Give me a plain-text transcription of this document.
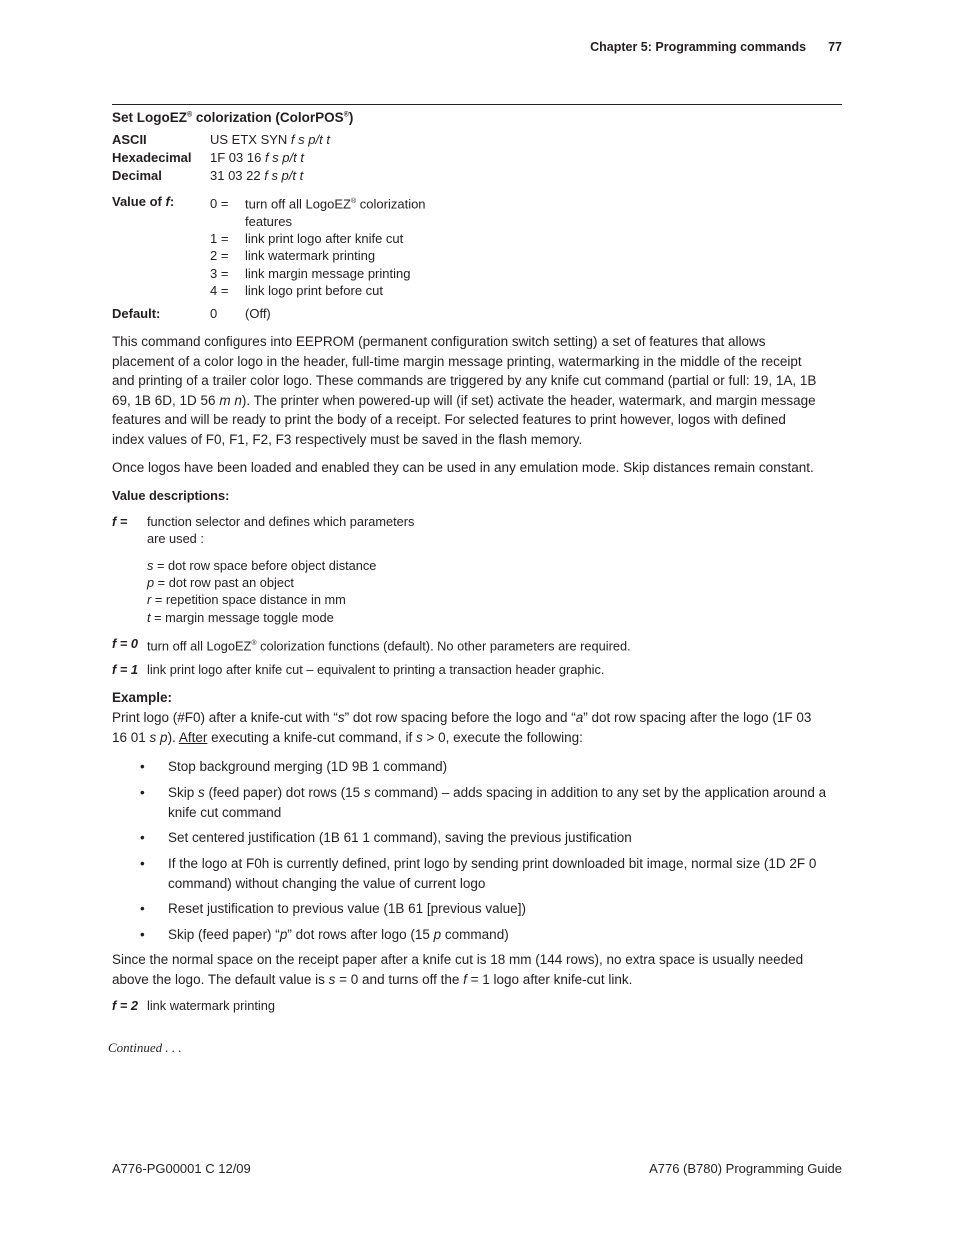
Chapter 5: Programming commands 77
Set LogoEZ® colorization (ColorPOS®)
ASCII	US ETX SYN f s p/t t
Hexadecimal 1F 03 16 f s p/t t
Decimal	31 03 22 f s p/t t
Value of f:	0 = turn off all LogoEZ® colorization
features
1 = link print logo after knife cut
2 = link watermark printing
3 = link margin message printing
4 = link logo print before cut
Default:	0 (Off)
This command configures into EEPROM (permanent configuration switch setting) a set of features that allows
placement of a color logo in the header, full-time margin message printing, watermarking in the middle of the receipt
and printing of a trailer color logo. These commands are triggered by any knife cut command (partial or full: 19, 1A, 1B
69, 1B 6D, 1D 56 m n). The printer when powered-up will (if set) activate the header, watermark, and margin message
features and will be ready to print the body of a receipt. For selected features to print however, logos with defined
index values of F0, F1, F2, F3 respectively must be saved in the flash memory.
Once logos have been loaded and enabled they can be used in any emulation mode. Skip distances remain constant.
Value descriptions:
f = function selector and defines which parameters
are used :
s = dot row space before object distance
p = dot row past an object
r = repetition space distance in mm
t = margin message toggle mode
f = 0 turn off all LogoEZ® colorization functions (default). No other parameters are required.
f = 1 link print logo after knife cut – equivalent to printing a transaction header graphic.
Example:
Print logo (#F0) after a knife-cut with “s” dot row spacing before the logo and “a” dot row spacing after the logo (1F 03
16 01 s p). After executing a knife-cut command, if s > 0, execute the following:
• Stop background merging (1D 9B 1 command)
• Skip s (feed paper) dot rows (15 s command) – adds spacing in addition to any set by the application around a
knife cut command
• Set centered justification (1B 61 1 command), saving the previous justification
• If the logo at F0h is currently defined, print logo by sending print downloaded bit image, normal size (1D 2F 0
command) without changing the value of current logo
• Reset justification to previous value (1B 61 [previous value])
• Skip (feed paper) “p” dot rows after logo (15 p command)
Since the normal space on the receipt paper after a knife cut is 18 mm (144 rows), no extra space is usually needed
above the logo. The default value is s = 0 and turns off the f = 1 logo after knife-cut link.
f = 2 link watermark printing
Continued . . .
A776-PG00001 C 12/09	A776 (B780) Programming Guide
